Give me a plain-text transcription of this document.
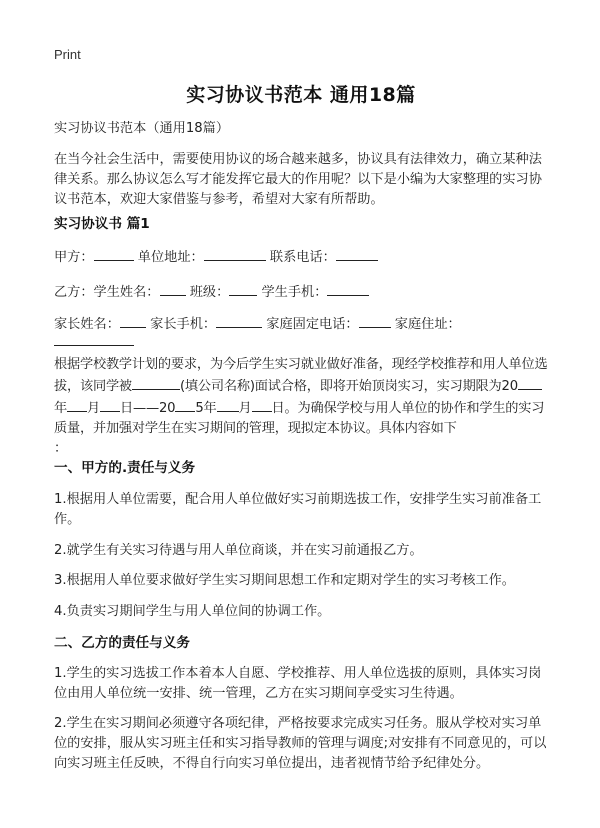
Print
实习协议书范本 通用18篇

实习协议书范本（通用18篇）

在当今社会生活中，需要使用协议的场合越来越多，协议具有法律效力，确立某种法律关系。那么协议怎么写才能发挥它最大的作用呢？以下是小编为大家整理的实习协议书范本，欢迎大家借鉴与参考，希望对大家有所帮助。

实习协议书 篇1

甲方：	单位地址：	联系电话：

乙方：学生姓名： 班级： 学生手机：

家长姓名： 家长手机：	家庭固定电话：	家庭住址：

根据学校教学计划的要求，为今后学生实习就业做好准备，现经学校推荐和用人单位选拔，该同学被	(填公司名称)面试合格，即将开始顶岗实习，实习期限为20年 月 日——20 5年 月 日。为确保学校与用人单位的协作和学生的实习质量，并加强对学生在实习期间的管理，现拟定本协议。具体内容如下
：

一、甲方的.责任与义务

1.根据用人单位需要，配合用人单位做好实习前期选拔工作，安排学生实习前准备工作。

2.就学生有关实习待遇与用人单位商谈，并在实习前通报乙方。

3.根据用人单位要求做好学生实习期间思想工作和定期对学生的实习考核工作。

4.负责实习期间学生与用人单位间的协调工作。

二、乙方的责任与义务

1.学生的实习选拔工作本着本人自愿、学校推荐、用人单位选拔的原则，具体实习岗位由用人单位统一安排、统一管理，乙方在实习期间享受实习生待遇。

2.学生在实习期间必须遵守各项纪律，严格按要求完成实习任务。服从学校对实习单位的安排，服从实习班主任和实习指导教师的管理与调度;对安排有不同意见的，可以向实习班主任反映，不得自行向实习单位提出，违者视情节给予纪律处分。
